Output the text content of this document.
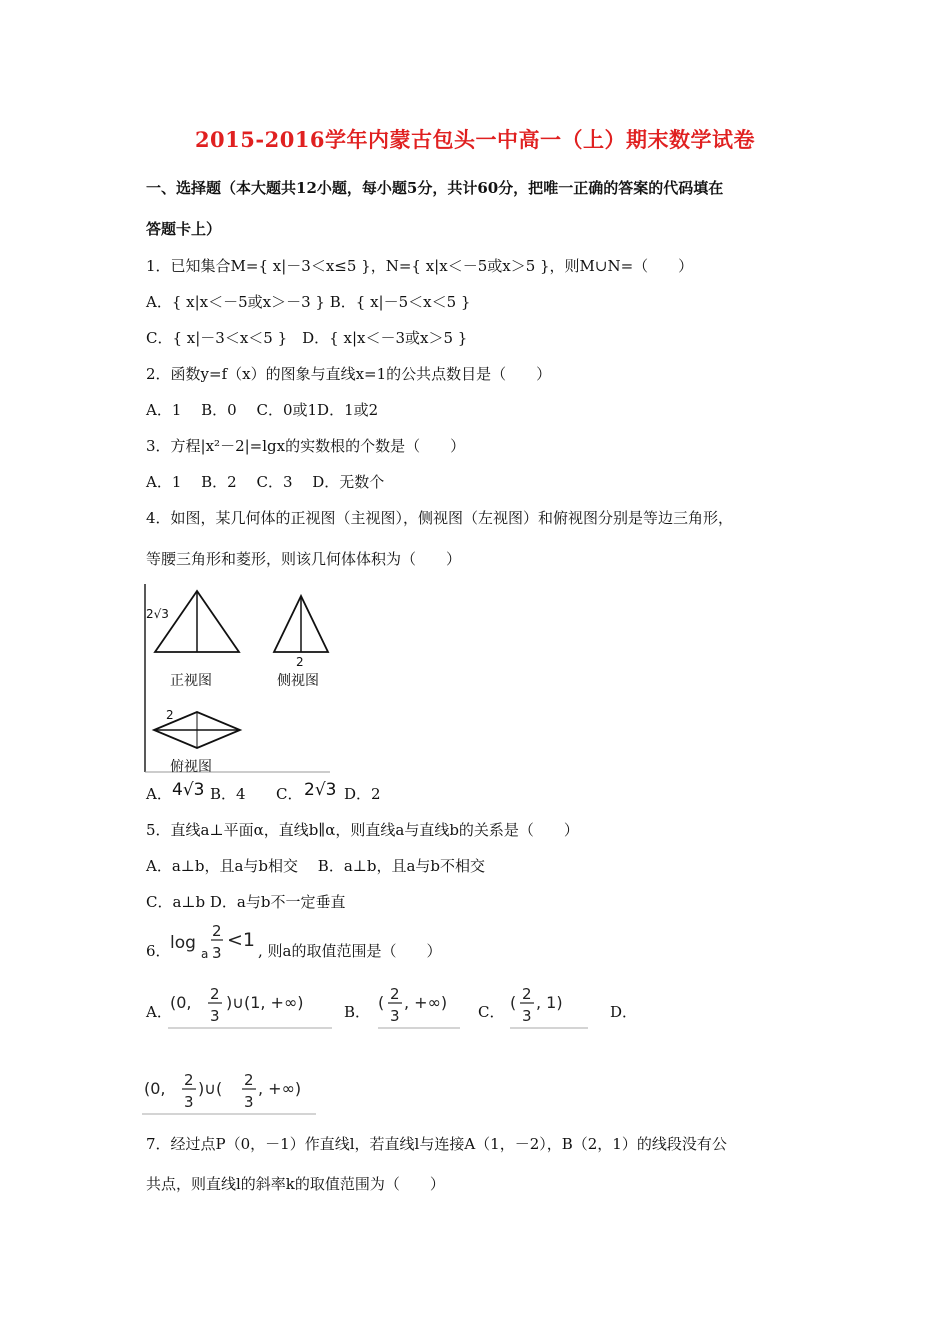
2015-2016学年内蒙古包头一中高一（上）期末数学试卷
一、选择题（本大题共12小题，每小题5分，共计60分，把唯一正确的答案的代码填在
答题卡上）
1．已知集合M={ x|－3＜x≤5 }，N={ x|x＜－5或x＞5 }，则M∪N=（　　）
A．{ x|x＜－5或x＞－3 } B．{ x|－5＜x＜5 }
C．{ x|－3＜x＜5 }　D．{ x|x＜－3或x＞5 }
2．函数y=f（x）的图象与直线x=1的公共点数目是（　　）
A．1　 B．0　 C．0或1D．1或2
3．方程|x²－2|=lgx的实数根的个数是（　　）
A．1　 B．2　 C．3　 D．无数个
4．如图，某几何体的正视图（主视图），侧视图（左视图）和俯视图分别是等边三角形，
等腰三角形和菱形，则该几何体体积为（　　）
2√3
正视图
2
侧视图
2
俯视图
A． 4√3 B．4 C． 2√3 D．2
5．直线a⊥平面α，直线b∥α，则直线a与直线b的关系是（　　）
A．a⊥b，且a与b相交　 B．a⊥b，且a与b不相交
C．a⊥b D．a与b不一定垂直
6． log
a
2
3
<1 , 则a的取值范围是（　　）
A．
(0, 2
3
)∪(1, +∞)	B． ( 2
3
, +∞) C． ( 2
3
, 1)	D．
(0, 2
3
)∪( 2
3
, +∞)
7．经过点P（0，－1）作直线l，若直线l与连接A（1，－2），B（2，1）的线段没有公
共点，则直线l的斜率k的取值范围为（　　）
